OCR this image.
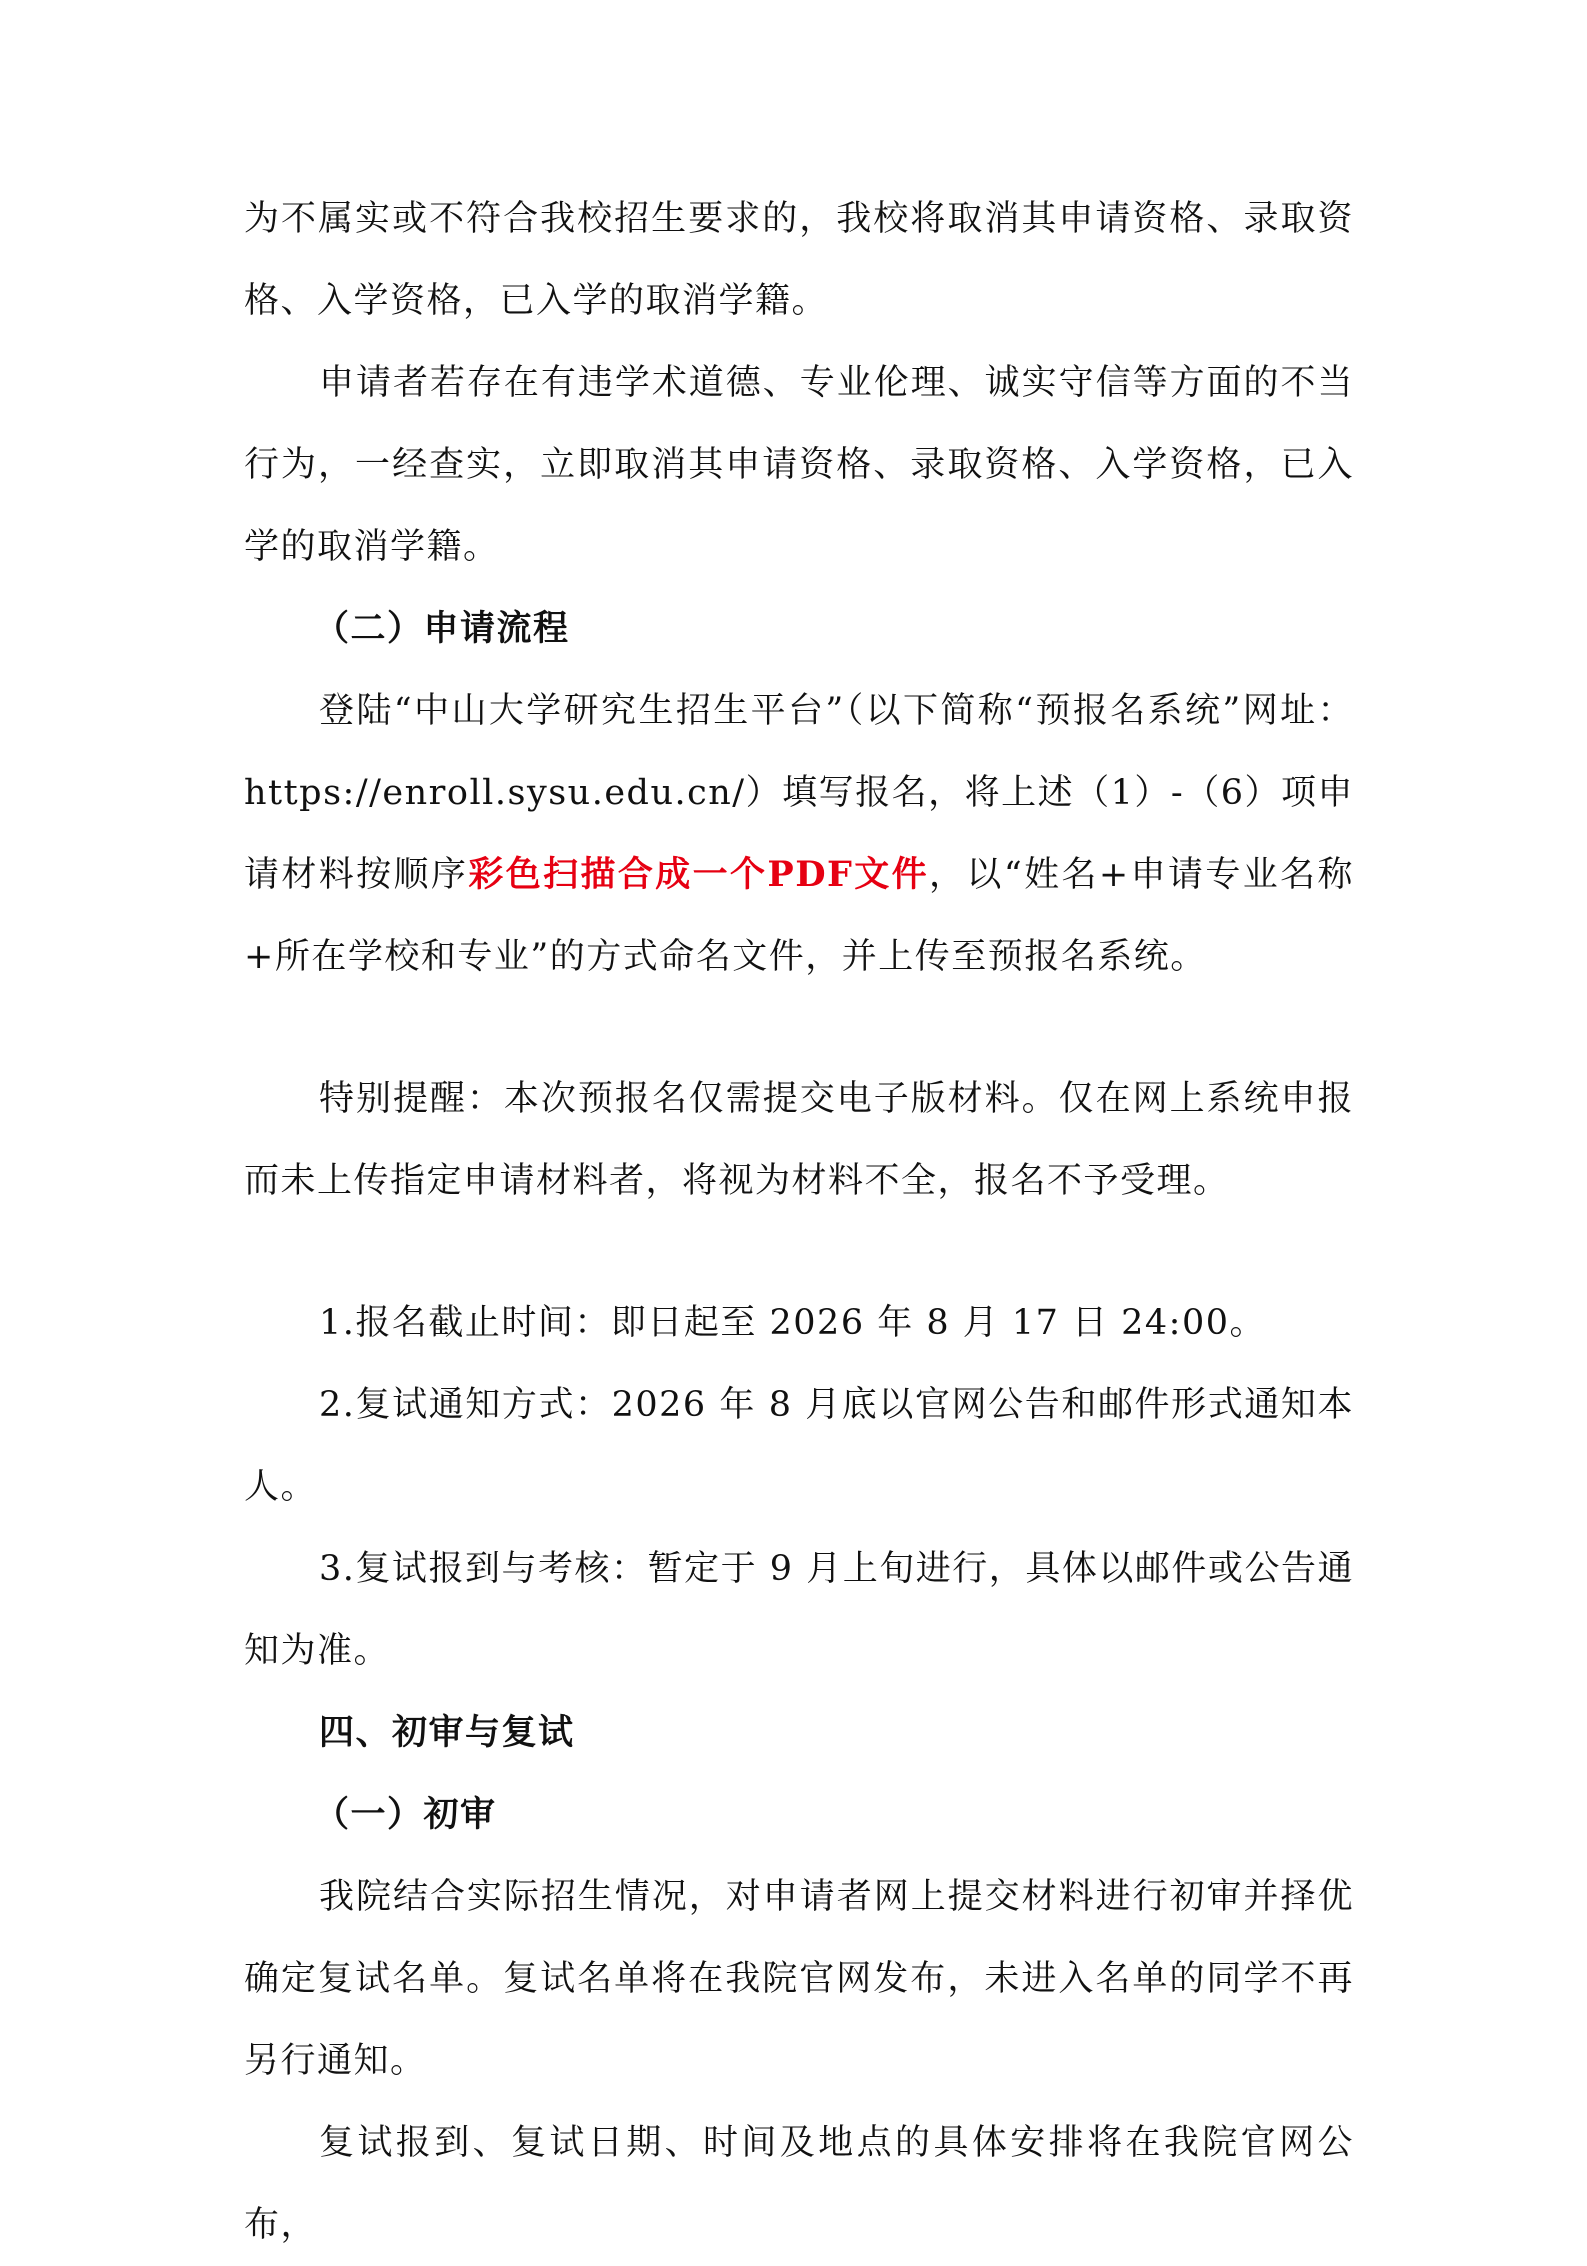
为不属实或不符合我校招生要求的，我校将取消其申请资格、录取资格、入学资格，已入学的取消学籍。

申请者若存在有违学术道德、专业伦理、诚实守信等方面的不当行为，一经查实，立即取消其申请资格、录取资格、入学资格，已入学的取消学籍。

（二）申请流程

登陆“中山大学研究生招生平台”（以下简称“预报名系统”网址：https://enroll.sysu.edu.cn/）填写报名，将上述（1）-（6）项申请材料按顺序彩色扫描合成一个PDF文件，以“姓名+申请专业名称+所在学校和专业”的方式命名文件，并上传至预报名系统。

特别提醒：本次预报名仅需提交电子版材料。仅在网上系统申报而未上传指定申请材料者，将视为材料不全，报名不予受理。

1.报名截止时间：即日起至 2026 年 8 月 17 日 24:00。

2.复试通知方式：2026 年 8 月底以官网公告和邮件形式通知本人。

3.复试报到与考核：暂定于 9 月上旬进行，具体以邮件或公告通知为准。

四、初审与复试

（一）初审

我院结合实际招生情况，对申请者网上提交材料进行初审并择优确定复试名单。复试名单将在我院官网发布，未进入名单的同学不再另行通知。

复试报到、复试日期、时间及地点的具体安排将在我院官网公布，
